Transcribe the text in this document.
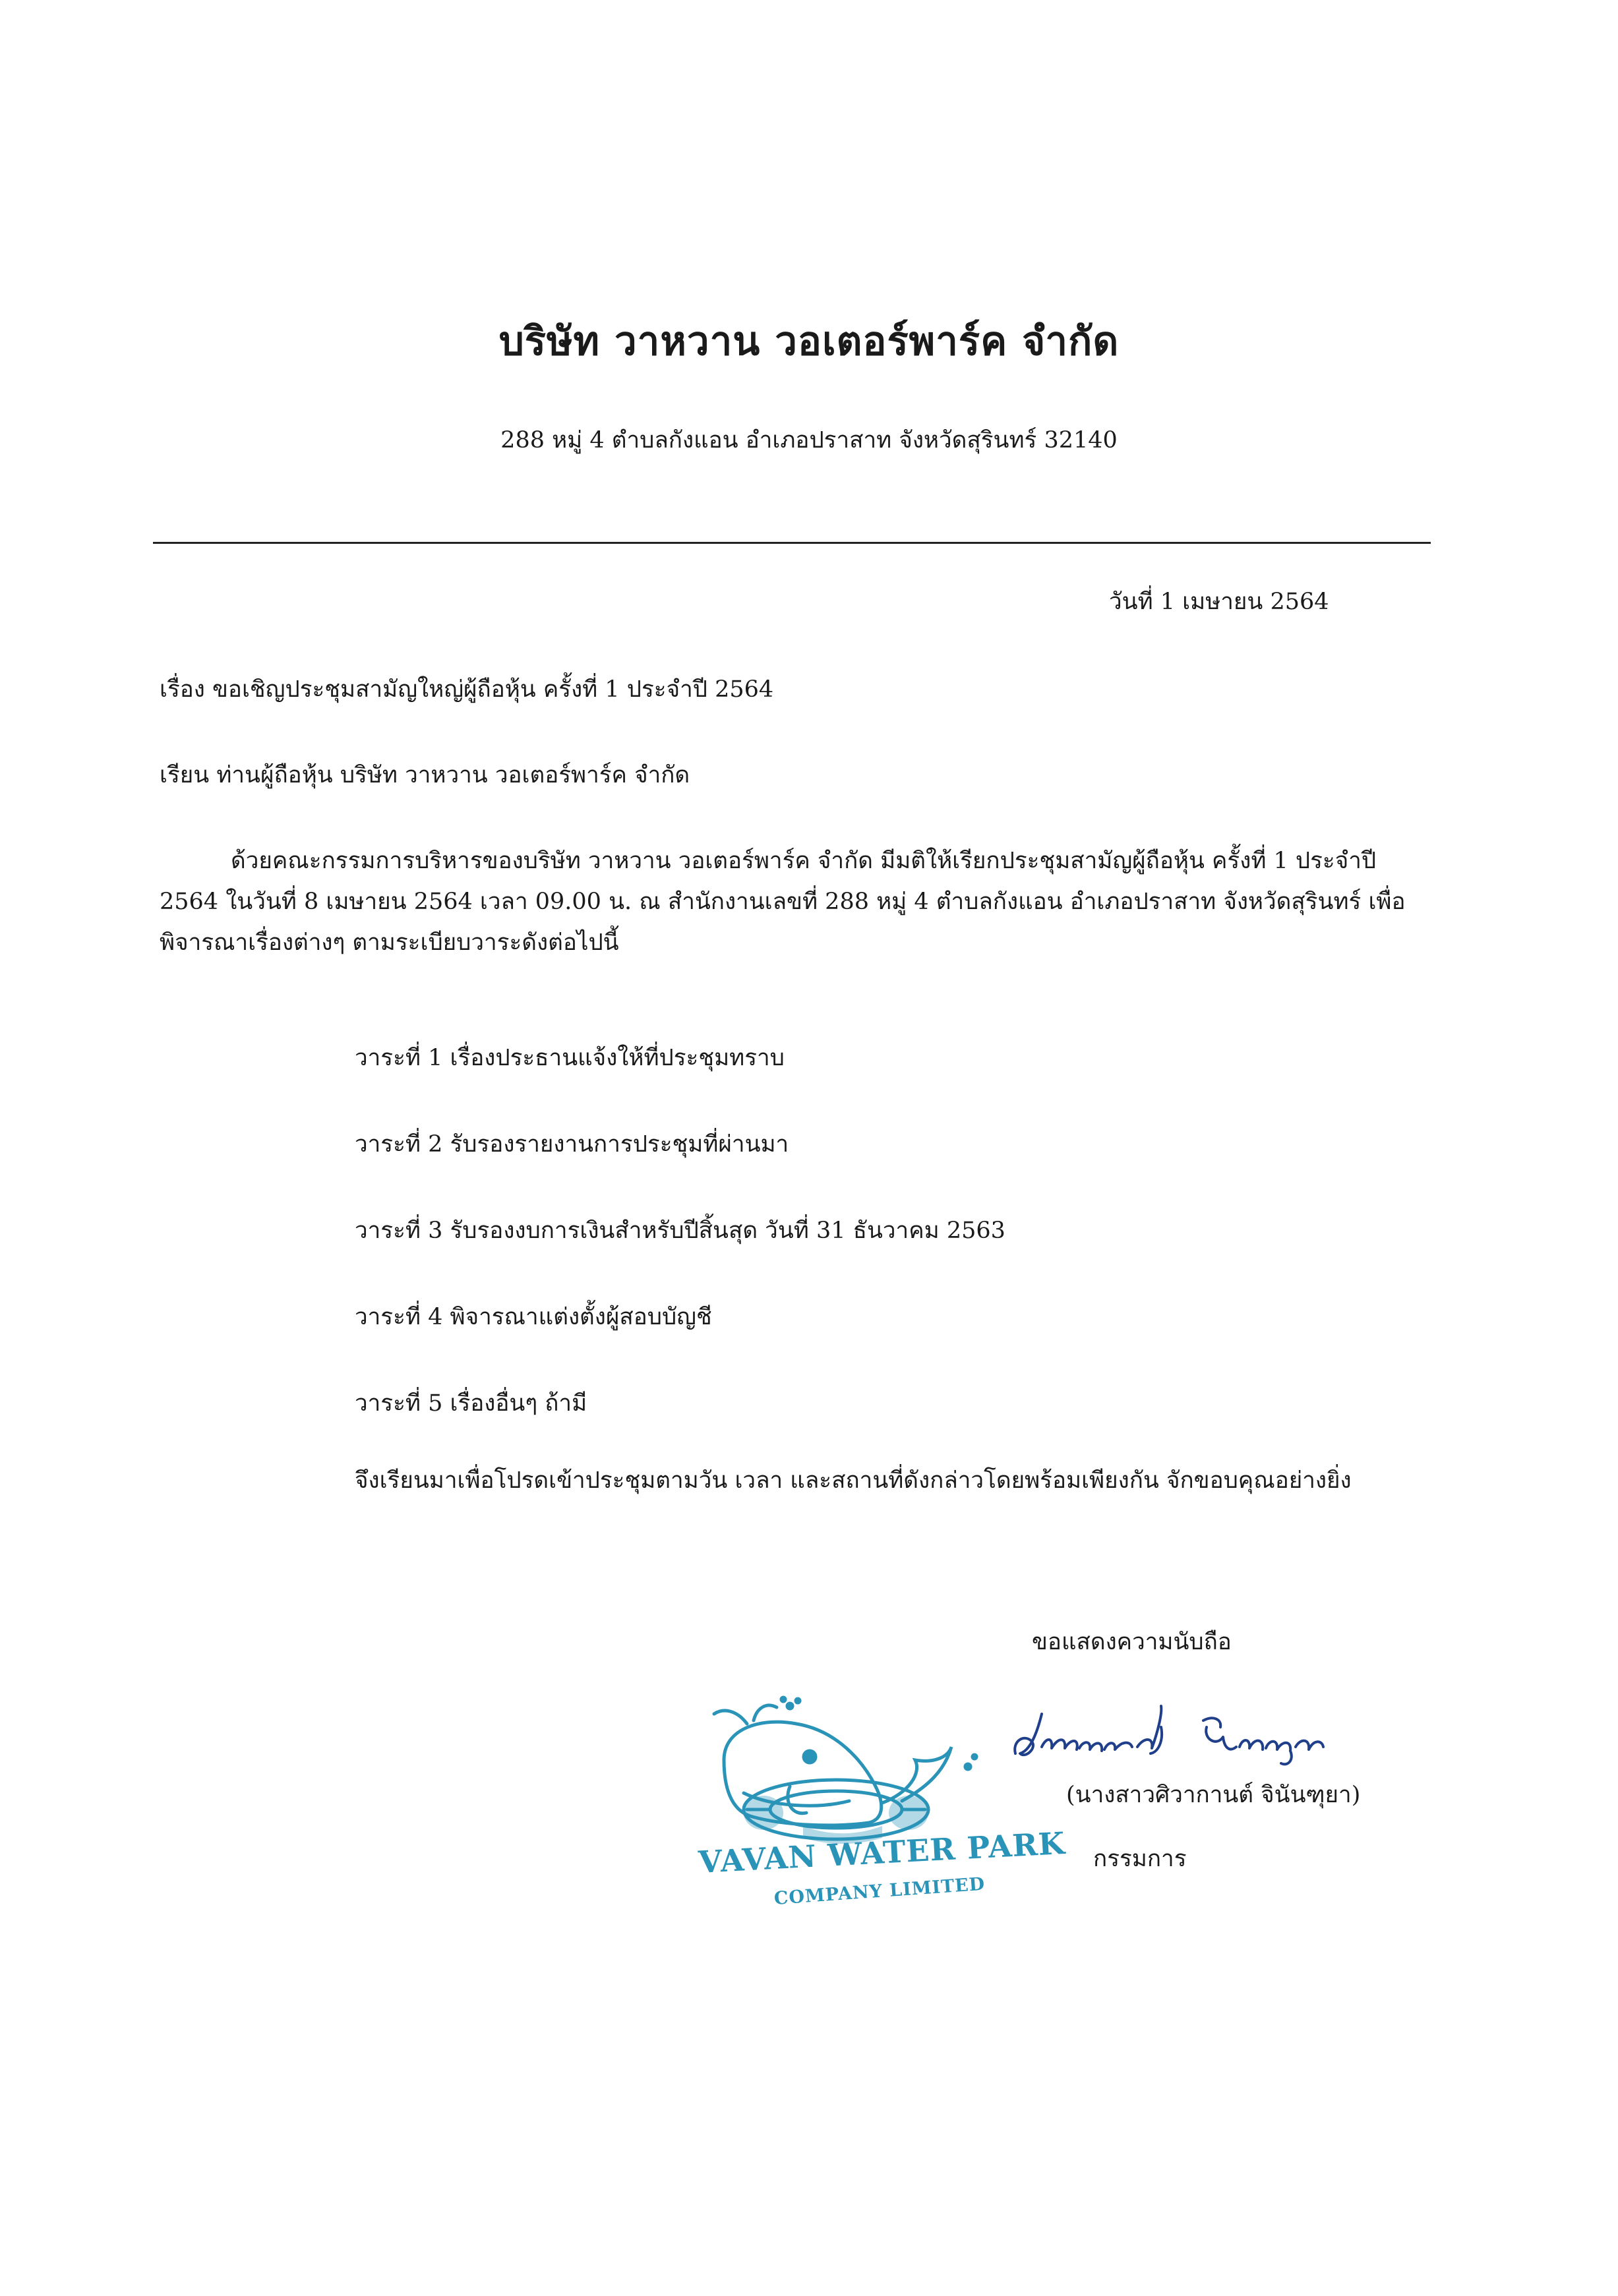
บริษัท วาหวาน วอเตอร์พาร์ค จำกัด
288 หมู่ 4 ตำบลกังแอน อำเภอปราสาท จังหวัดสุรินทร์ 32140
วันที่ 1 เมษายน 2564
เรื่อง ขอเชิญประชุมสามัญใหญ่ผู้ถือหุ้น ครั้งที่ 1 ประจำปี 2564
เรียน ท่านผู้ถือหุ้น บริษัท วาหวาน วอเตอร์พาร์ค จำกัด
ด้วยคณะกรรมการบริหารของบริษัท วาหวาน วอเตอร์พาร์ค จำกัด มีมติให้เรียกประชุมสามัญผู้ถือหุ้น ครั้งที่ 1 ประจำปี
2564 ในวันที่ 8 เมษายน 2564 เวลา 09.00 น. ณ สำนักงานเลขที่ 288 หมู่ 4 ตำบลกังแอน อำเภอปราสาท จังหวัดสุรินทร์ เพื่อ
พิจารณาเรื่องต่างๆ ตามระเบียบวาระดังต่อไปนี้
วาระที่ 1 เรื่องประธานแจ้งให้ที่ประชุมทราบ
วาระที่ 2 รับรองรายงานการประชุมที่ผ่านมา
วาระที่ 3 รับรองงบการเงินสำหรับปีสิ้นสุด วันที่ 31 ธันวาคม 2563
วาระที่ 4 พิจารณาแต่งตั้งผู้สอบบัญชี
วาระที่ 5 เรื่องอื่นๆ ถ้ามี
จึงเรียนมาเพื่อโปรดเข้าประชุมตามวัน เวลา และสถานที่ดังกล่าวโดยพร้อมเพียงกัน จักขอบคุณอย่างยิ่ง
ขอแสดงความนับถือ
VAVAN WATER PARK
COMPANY LIMITED
(นางสาวศิวากานต์ จินันฑุยา)
กรรมการ
